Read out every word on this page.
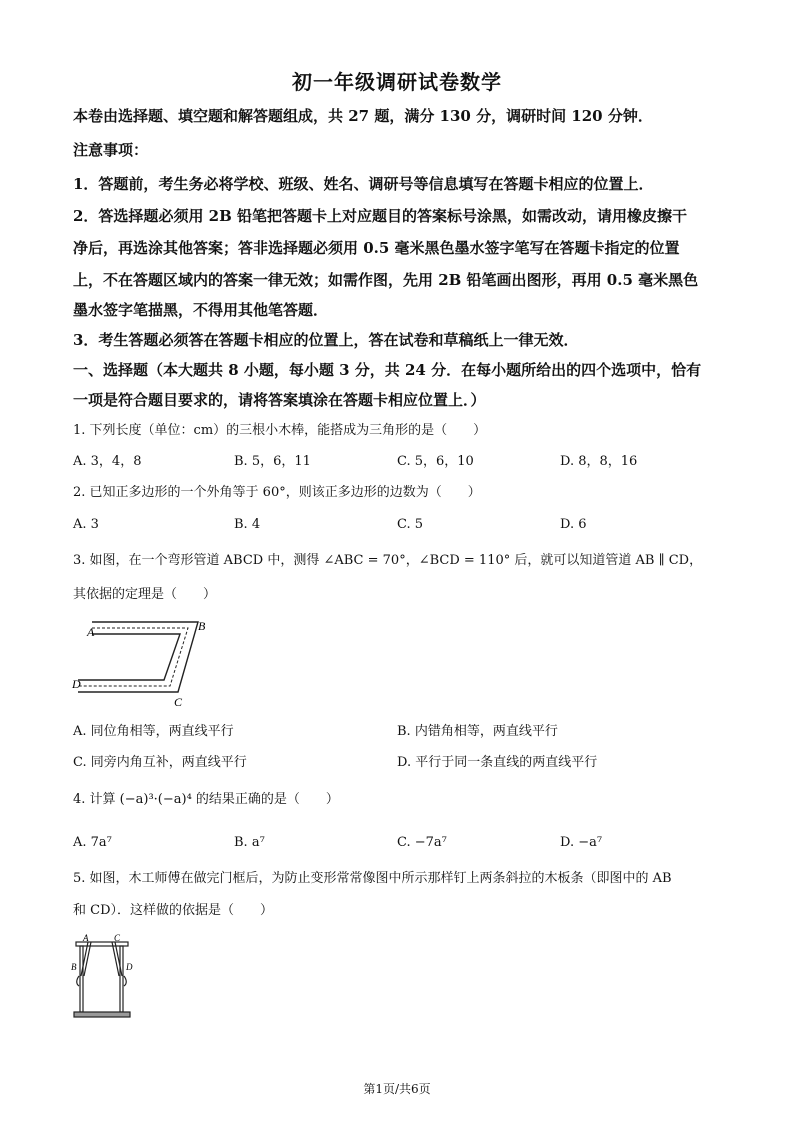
初一年级调研试卷数学
本卷由选择题、填空题和解答题组成，共 27 题，满分 130 分，调研时间 120 分钟．
注意事项：
1．答题前，考生务必将学校、班级、姓名、调研号等信息填写在答题卡相应的位置上．
2．答选择题必须用 2B 铅笔把答题卡上对应题目的答案标号涂黑，如需改动，请用橡皮擦干
净后，再选涂其他答案；答非选择题必须用 0.5 毫米黑色墨水签字笔写在答题卡指定的位置
上，不在答题区域内的答案一律无效；如需作图，先用 2B 铅笔画出图形，再用 0.5 毫米黑色
墨水签字笔描黑，不得用其他笔答题．
3．考生答题必须答在答题卡相应的位置上，答在试卷和草稿纸上一律无效．
一、选择题（本大题共 8 小题，每小题 3 分，共 24 分．在每小题所给出的四个选项中，恰有
一项是符合题目要求的，请将答案填涂在答题卡相应位置上．）
1. 下列长度（单位：cm）的三根小木棒，能搭成为三角形的是（　　）
A. 3，4，8	B. 5，6，11	C. 5，6，10	D. 8，8，16
2. 已知正多边形的一个外角等于 60°，则该正多边形的边数为（　　）
A. 3	B. 4	C. 5	D. 6
3. 如图，在一个弯形管道 ABCD 中，测得 ∠ABC = 70°，∠BCD = 110° 后，就可以知道管道 AB ∥ CD，
其依据的定理是（　　）
A	B
C
D
A. 同位角相等，两直线平行	B. 内错角相等，两直线平行
C. 同旁内角互补，两直线平行	D. 平行于同一条直线的两直线平行
4. 计算 (−a)³·(−a)⁴ 的结果正确的是（　　）
A. 7a⁷	B. a⁷	C. −7a⁷	D. −a⁷
5. 如图，木工师傅在做完门框后，为防止变形常常像图中所示那样钉上两条斜拉的木板条（即图中的 AB
和 CD）．这样做的依据是（　　）
A	C
B	D
第1页/共6页
